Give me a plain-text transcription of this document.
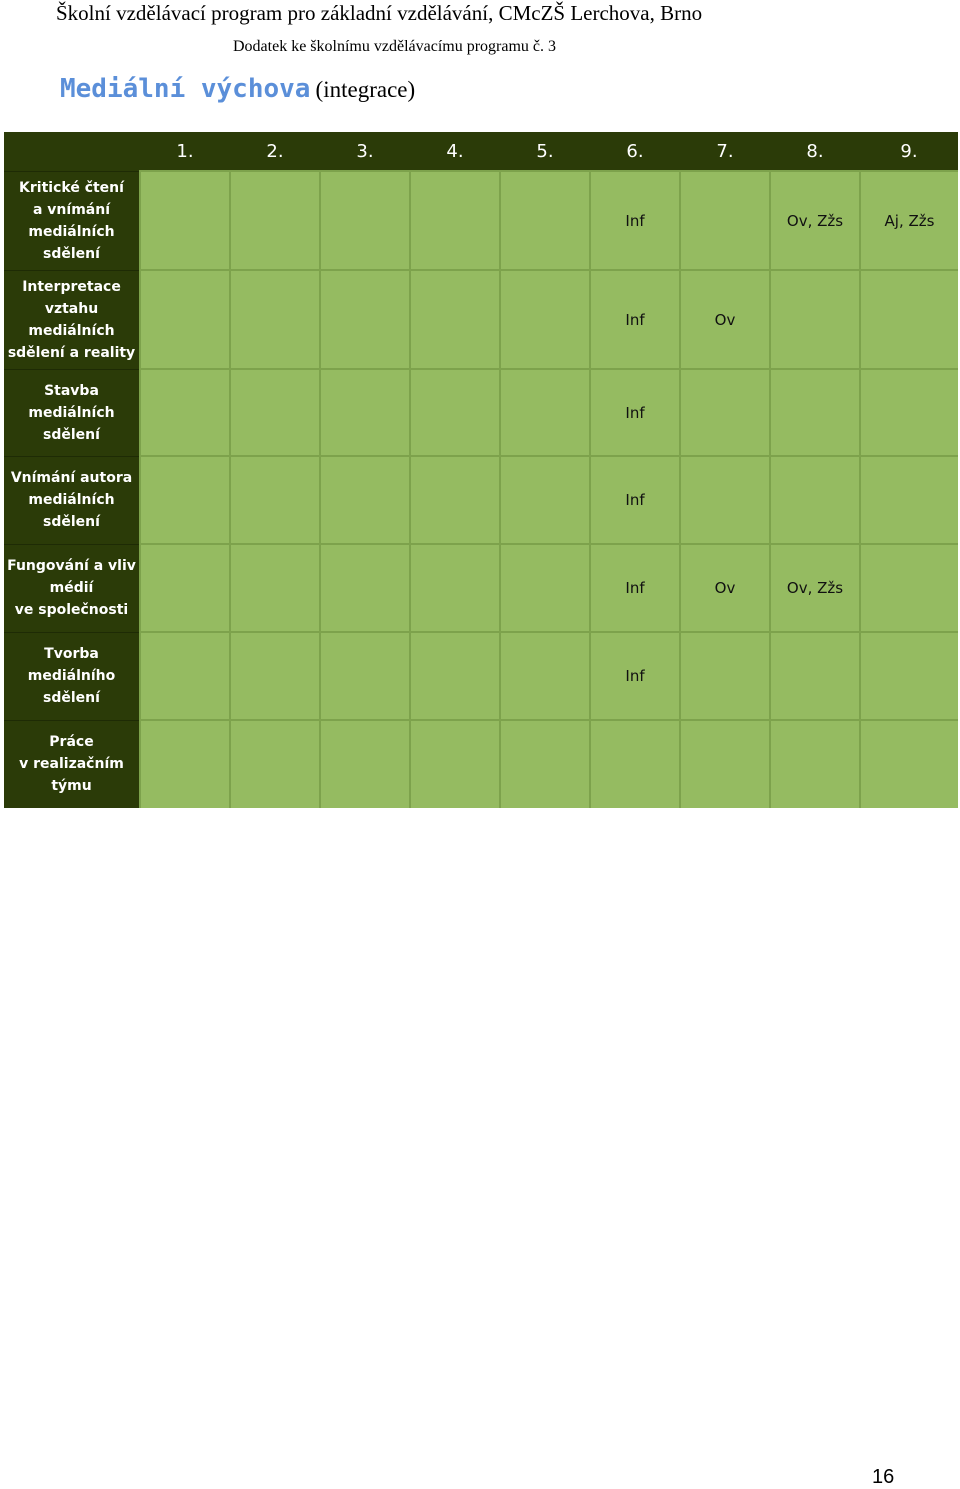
Školní vzdělávací program pro základní vzdělávání, CMcZŠ Lerchova, Brno
Dodatek ke školnímu vzdělávacímu programu č. 3
Mediální výchova (integrace)
	1.	2.	3.	4.	5.	6.	7.	8.	9.

Kritické čtení
a vnímání
mediálních
sdělení						Inf		Ov, Zžs	Aj, Zžs

Interpretace
vztahu
mediálních
sdělení a reality						Inf	Ov		

Stavba
mediálních
sdělení						Inf			

Vnímání autora
mediálních
sdělení						Inf			

Fungování a vliv
médií
ve společnosti						Inf	Ov	Ov, Zžs	

Tvorba
mediálního
sdělení						Inf			

Práce
v realizačním
týmu									

16
